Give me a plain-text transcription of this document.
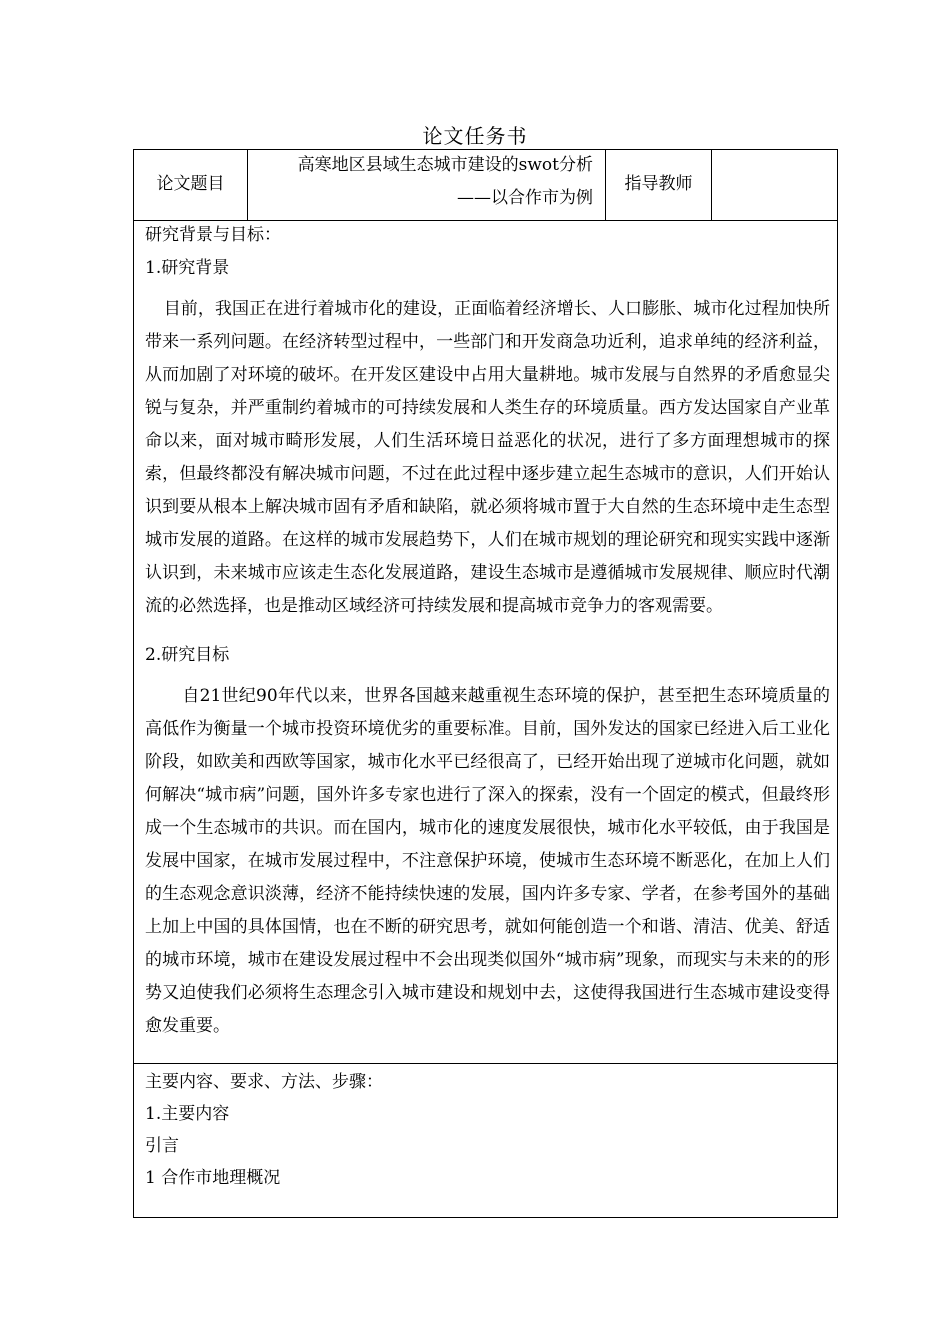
论文任务书
论文题目
高寒地区县域生态城市建设的swot分析
——以合作市为例
指导教师
研究背景与目标：
1.研究背景

目前，我国正在进行着城市化的建设，正面临着经济增长、人口膨胀、城市化过程加快所带来一系列问题。在经济转型过程中，一些部门和开发商急功近利，追求单纯的经济利益，从而加剧了对环境的破坏。在开发区建设中占用大量耕地。城市发展与自然界的矛盾愈显尖锐与复杂，并严重制约着城市的可持续发展和人类生存的环境质量。西方发达国家自产业革命以来，面对城市畸形发展，人们生活环境日益恶化的状况，进行了多方面理想城市的探索，但最终都没有解决城市问题，不过在此过程中逐步建立起生态城市的意识，人们开始认识到要从根本上解决城市固有矛盾和缺陷，就必须将城市置于大自然的生态环境中走生态型城市发展的道路。在这样的城市发展趋势下，人们在城市规划的理论研究和现实实践中逐渐认识到，未来城市应该走生态化发展道路，建设生态城市是遵循城市发展规律、顺应时代潮流的必然选择，也是推动区域经济可持续发展和提高城市竞争力的客观需要。

2.研究目标

自21世纪90年代以来，世界各国越来越重视生态环境的保护，甚至把生态环境质量的高低作为衡量一个城市投资环境优劣的重要标准。目前，国外发达的国家已经进入后工业化阶段，如欧美和西欧等国家，城市化水平已经很高了，已经开始出现了逆城市化问题，就如何解决“城市病”问题，国外许多专家也进行了深入的探索，没有一个固定的模式，但最终形成一个生态城市的共识。而在国内，城市化的速度发展很快，城市化水平较低，由于我国是发展中国家，在城市发展过程中，不注意保护环境，使城市生态环境不断恶化，在加上人们的生态观念意识淡薄，经济不能持续快速的发展，国内许多专家、学者，在参考国外的基础上加上中国的具体国情，也在不断的研究思考，就如何能创造一个和谐、清洁、优美、舒适的城市环境，城市在建设发展过程中不会出现类似国外“城市病”现象，而现实与未来的的形势又迫使我们必须将生态理念引入城市建设和规划中去，这使得我国进行生态城市建设变得愈发重要。

主要内容、要求、方法、步骤：
1.主要内容
引言
1 合作市地理概况
